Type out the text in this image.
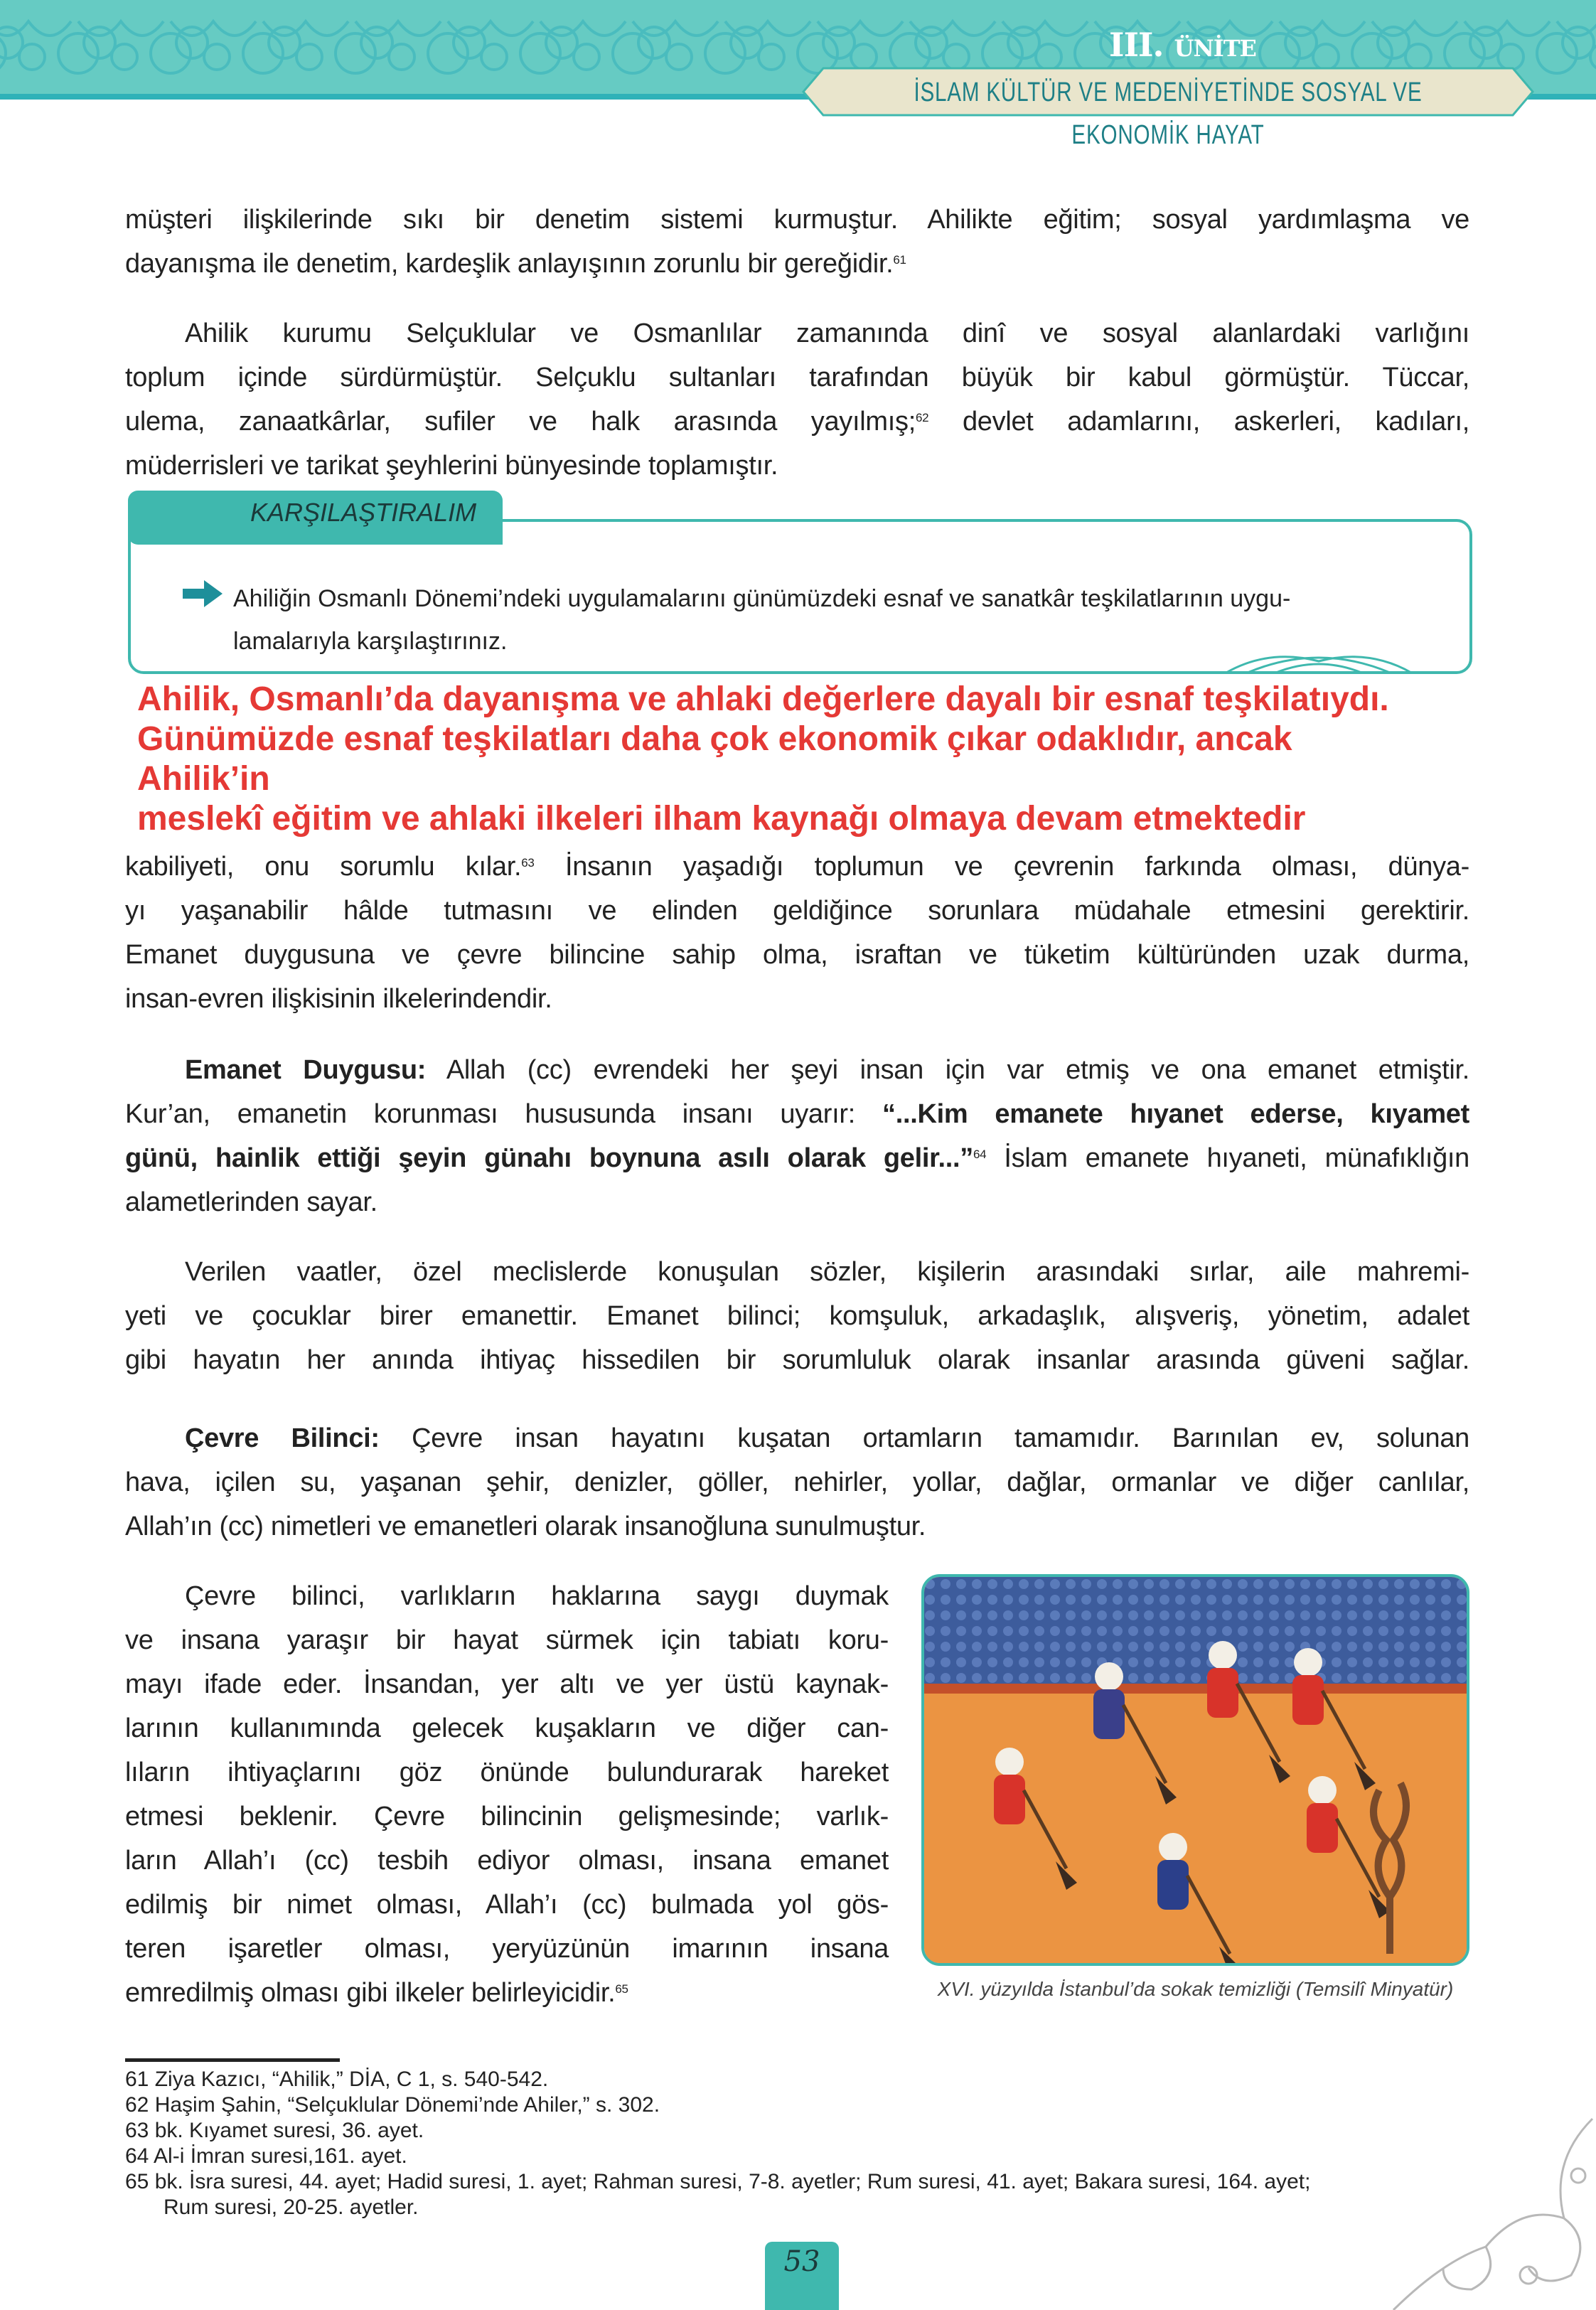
III. ÜNİTE
İSLAM KÜLTÜR VE MEDENİYETİNDE SOSYAL VE EKONOMİK HAYAT
müşteri ilişkilerinde sıkı bir denetim sistemi kurmuştur. Ahilikte eğitim; sosyal yardımlaşma ve
dayanışma ile denetim, kardeşlik anlayışının zorunlu bir gereğidir.$^{61}$
Ahilik kurumu Selçuklular ve Osmanlılar zamanında dinî ve sosyal alanlardaki varlığını
toplum içinde sürdürmüştür. Selçuklu sultanları tarafından büyük bir kabul görmüştür. Tüccar,
ulema, zanaatkârlar, sufiler ve halk arasında yayılmış;$^{62}$ devlet adamlarını, askerleri, kadıları,
müderrisleri ve tarikat şeyhlerini bünyesinde toplamıştır.
KARŞILAŞTIRALIM
Ahiliğin Osmanlı Dönemi’ndeki uygulamalarını günümüzdeki esnaf ve sanatkâr teşkilatlarının uygu-
lamalarıyla karşılaştırınız.
Ahilik, Osmanlı’da dayanışma ve ahlaki değerlere dayalı bir esnaf teşkilatıydı.
Günümüzde esnaf teşkilatları daha çok ekonomik çıkar odaklıdır, ancak
Ahilik’in
meslekî eğitim ve ahlaki ilkeleri ilham kaynağı olmaya devam etmektedir
kabiliyeti, onu sorumlu kılar.$^{63}$ İnsanın yaşadığı toplumun ve çevrenin farkında olması, dünya-
yı yaşanabilir hâlde tutmasını ve elinden geldiğince sorunlara müdahale etmesini gerektirir.
Emanet duygusuna ve çevre bilincine sahip olma, israftan ve tüketim kültüründen uzak durma,
insan-evren ilişkisinin ilkelerindendir.
Emanet Duygusu: Allah (cc) evrendeki her şeyi insan için var etmiş ve ona emanet etmiştir.
Kur’an, emanetin korunması hususunda insanı uyarır: “...Kim emanete hıyanet ederse, kıyamet
günü, hainlik ettiği şeyin günahı boynuna asılı olarak gelir...”$^{64}$ İslam emanete hıyaneti, münafıklığın
alametlerinden sayar.
Verilen vaatler, özel meclislerde konuşulan sözler, kişilerin arasındaki sırlar, aile mahremi-
yeti ve çocuklar birer emanettir. Emanet bilinci; komşuluk, arkadaşlık, alışveriş, yönetim, adalet
gibi hayatın her anında ihtiyaç hissedilen bir sorumluluk olarak insanlar arasında güveni sağlar.
Çevre Bilinci: Çevre insan hayatını kuşatan ortamların tamamıdır. Barınılan ev, solunan
hava, içilen su, yaşanan şehir, denizler, göller, nehirler, yollar, dağlar, ormanlar ve diğer canlılar,
Allah’ın (cc) nimetleri ve emanetleri olarak insanoğluna sunulmuştur.
Çevre bilinci, varlıkların haklarına saygı duymak
ve insana yaraşır bir hayat sürmek için tabiatı koru-
mayı ifade eder. İnsandan, yer altı ve yer üstü kaynak-
larının kullanımında gelecek kuşakların ve diğer can-
lıların ihtiyaçlarını göz önünde bulundurarak hareket
etmesi beklenir. Çevre bilincinin gelişmesinde; varlık-
ların Allah’ı (cc) tesbih ediyor olması, insana emanet
edilmiş bir nimet olması, Allah’ı (cc) bulmada yol gös-
teren işaretler olması, yeryüzünün imarının insana
emredilmiş olması gibi ilkeler belirleyicidir.$^{65}$	XVI. yüzyılda İstanbul’da sokak temizliği (Temsilî Minyatür)
61 Ziya Kazıcı, “Ahilik,” DİA, C 1, s. 540-542.
62 Haşim Şahin, “Selçuklular Dönemi’nde Ahiler,” s. 302.
63 bk. Kıyamet suresi, 36. ayet.
64 Al-i İmran suresi,161. ayet.
65 bk. İsra suresi, 44. ayet; Hadid suresi, 1. ayet; Rahman suresi, 7-8. ayetler; Rum suresi, 41. ayet; Bakara suresi, 164. ayet;
Rum suresi, 20-25. ayetler.
53
